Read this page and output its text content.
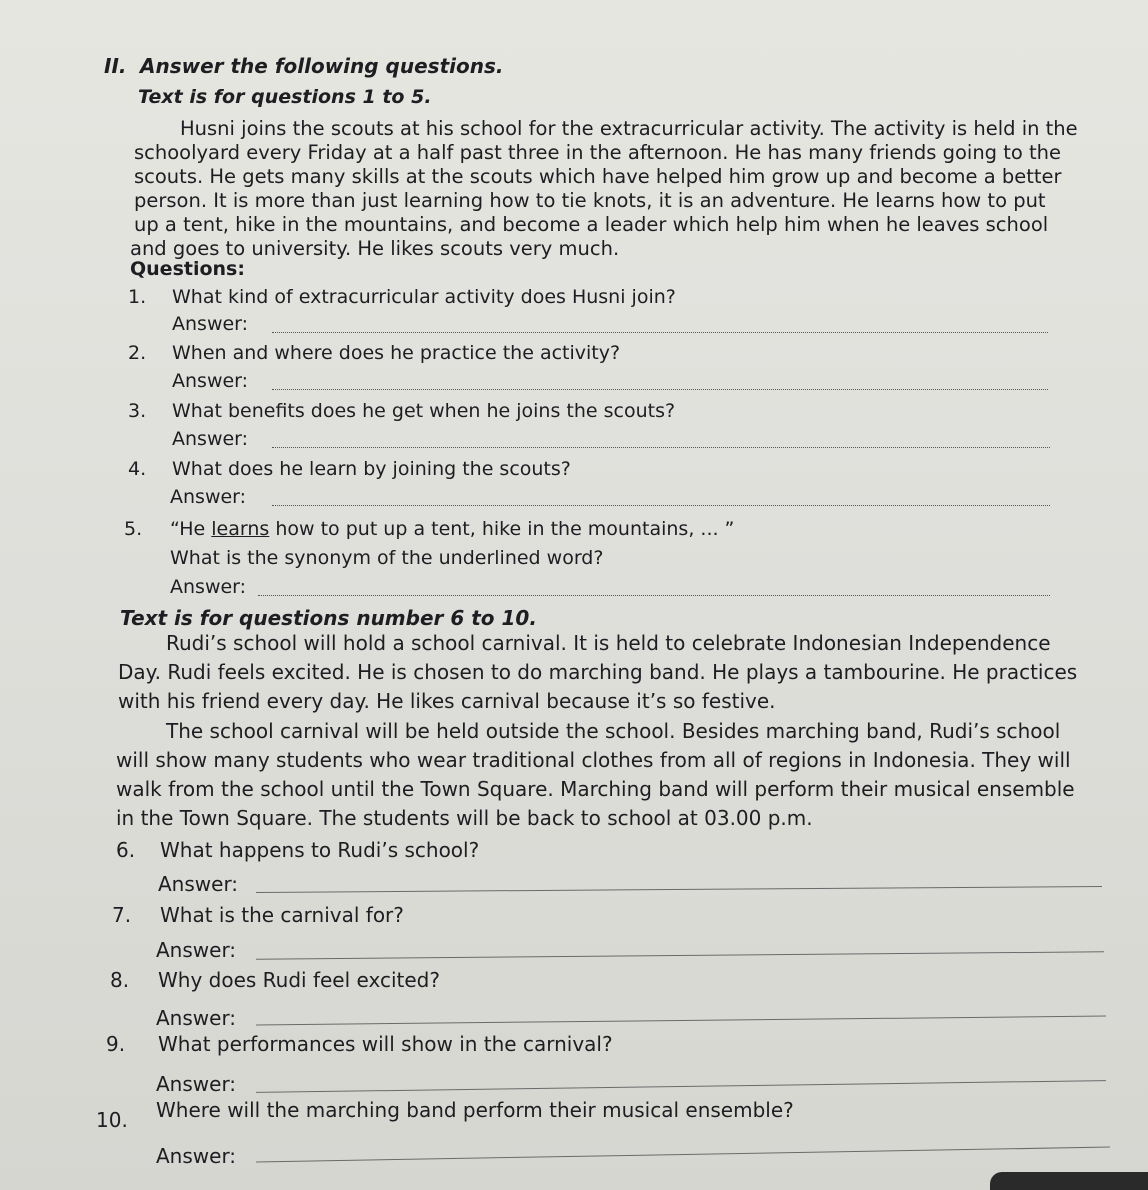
II. Answer the following questions.
Text is for questions 1 to 5.
Husni joins the scouts at his school for the extracurricular activity. The activity is held in the
schoolyard every Friday at a half past three in the afternoon. He has many friends going to the
scouts. He gets many skills at the scouts which have helped him grow up and become a better
person. It is more than just learning how to tie knots, it is an adventure. He learns how to put
up a tent, hike in the mountains, and become a leader which help him when he leaves school
and goes to university. He likes scouts very much.
Questions:
1. What kind of extracurricular activity does Husni join?
Answer:
2. When and where does he practice the activity?
Answer:
3. What benefits does he get when he joins the scouts?
Answer:
4. What does he learn by joining the scouts?
Answer:
5. “He learns how to put up a tent, hike in the mountains, ... ”
What is the synonym of the underlined word?
Answer:
Text is for questions number 6 to 10.
Rudi’s school will hold a school carnival. It is held to celebrate Indonesian Independence
Day. Rudi feels excited. He is chosen to do marching band. He plays a tambourine. He practices
with his friend every day. He likes carnival because it’s so festive.
The school carnival will be held outside the school. Besides marching band, Rudi’s school
will show many students who wear traditional clothes from all of regions in Indonesia. They will
walk from the school until the Town Square. Marching band will perform their musical ensemble
in the Town Square. The students will be back to school at 03.00 p.m.
6. What happens to Rudi’s school?
Answer:
7. What is the carnival for?
Answer:
8. Why does Rudi feel excited?
Answer:
9. What performances will show in the carnival?
Answer:
10. Where will the marching band perform their musical ensemble?
Answer:
